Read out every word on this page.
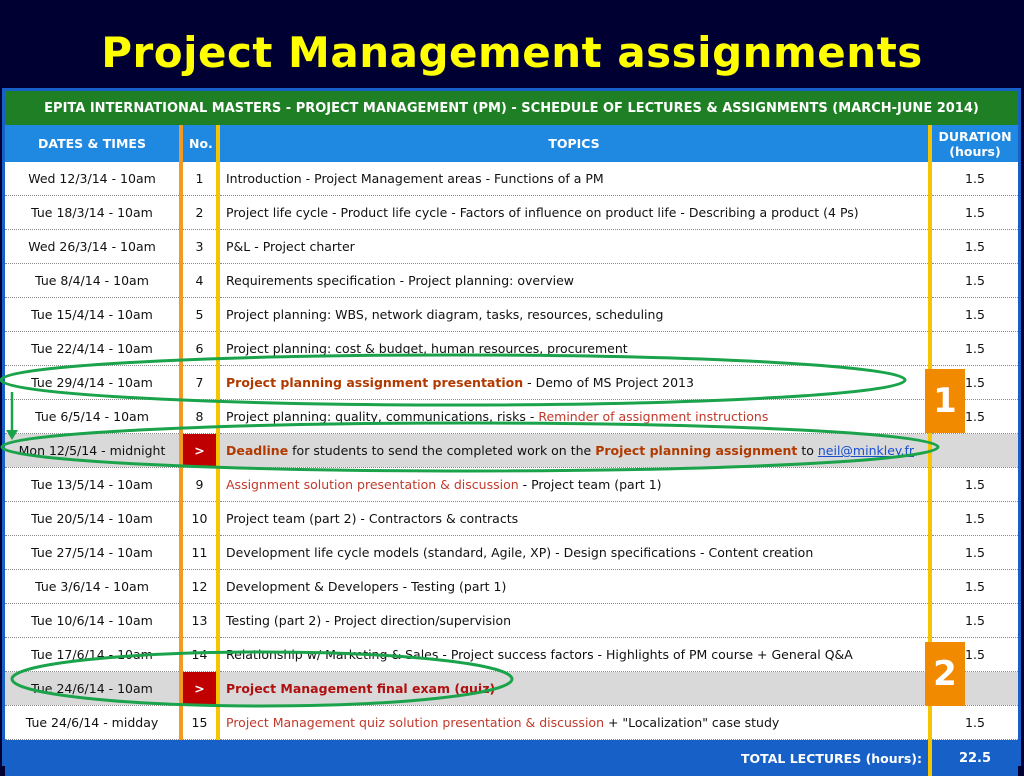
Project Management assignments
EPITA INTERNATIONAL MASTERS - PROJECT MANAGEMENT (PM) - SCHEDULE OF LECTURES & ASSIGNMENTS (MARCH-JUNE 2014)			
DATES & TIMES	No.	TOPICS	DURATION
(hours)
Wed 12/3/14 - 10am	1	Introduction - Project Management areas - Functions of a PM	1.5
Tue 18/3/14 - 10am	2	Project life cycle - Product life cycle - Factors of influence on product life - Describing a product (4 Ps)	1.5
Wed 26/3/14 - 10am	3	P&L - Project charter	1.5
Tue 8/4/14 - 10am	4	Requirements specification - Project planning: overview	1.5
Tue 15/4/14 - 10am	5	Project planning: WBS, network diagram, tasks, resources, scheduling	1.5
Tue 22/4/14 - 10am	6	Project planning: cost & budget, human resources, procurement	1.5
Tue 29/4/14 - 10am	7	Project planning assignment presentation - Demo of MS Project 2013	1.5
Tue 6/5/14 - 10am	8	Project planning: quality, communications, risks - Reminder of assignment instructions	1.5
Mon 12/5/14 - midnight	>	Deadline for students to send the completed work on the Project planning assignment to neil@minkley.fr	
Tue 13/5/14 - 10am	9	Assignment solution presentation & discussion - Project team (part 1)	1.5
Tue 20/5/14 - 10am	10	Project team (part 2) - Contractors & contracts	1.5
Tue 27/5/14 - 10am	11	Development life cycle models (standard, Agile, XP) - Design specifications - Content creation	1.5
Tue 3/6/14 - 10am	12	Development & Developers - Testing (part 1)	1.5
Tue 10/6/14 - 10am	13	Testing (part 2) - Project direction/supervision	1.5
Tue 17/6/14 - 10am	14	Relationship w/ Marketing & Sales - Project success factors - Highlights of PM course + General Q&A	1.5
Tue 24/6/14 - 10am	>	Project Management final exam (quiz)	
Tue 24/6/14 - midday	15	Project Management quiz solution presentation & discussion + "Localization" case study	1.5
TOTAL LECTURES (hours):			22.5
1
2
